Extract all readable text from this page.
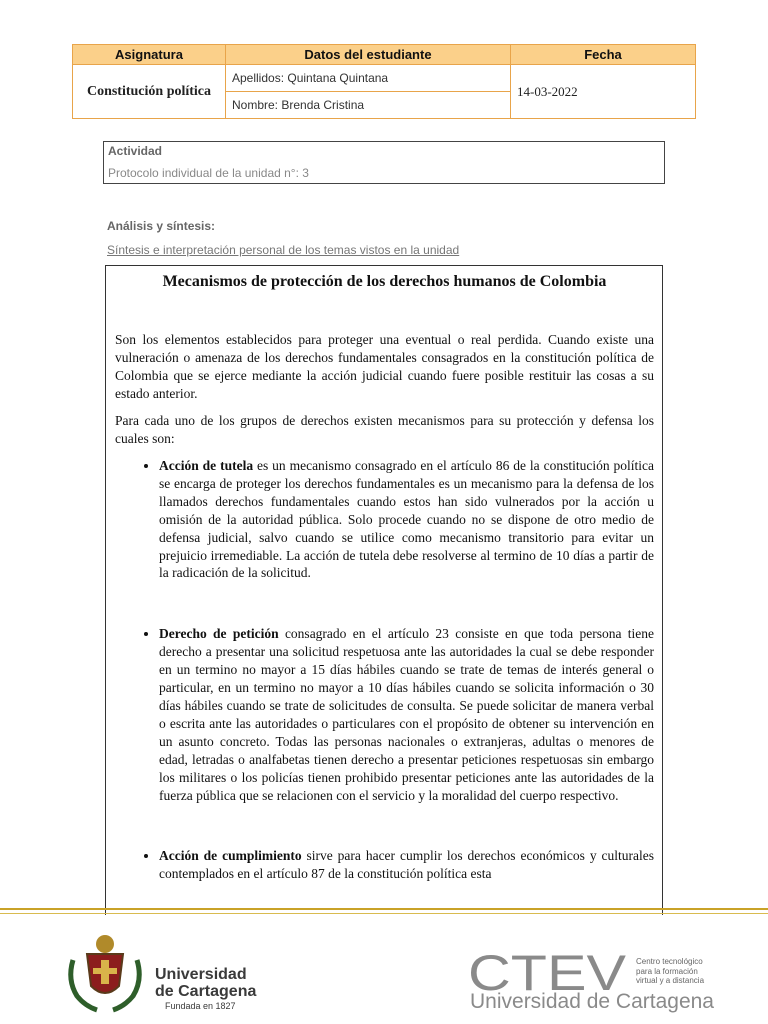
Asignatura	Datos del estudiante	Fecha
Constitución política	Apellidos: Quintana Quintana	14-03-2022
	Nombre: Brenda Cristina	
Actividad
Protocolo individual de la unidad n°: 3
Análisis y síntesis:
Síntesis e interpretación personal de los temas vistos en la unidad
Mecanismos de protección de los derechos humanos de Colombia

Son los elementos establecidos para proteger una eventual o real perdida. Cuando existe una vulneración o amenaza de los derechos fundamentales consagrados en la constitución política de Colombia que se ejerce mediante la acción judicial cuando fuere posible restituir las cosas a su estado anterior.

Para cada uno de los grupos de derechos existen mecanismos para su protección y defensa los cuales son:

• Acción de tutela es un mecanismo consagrado en el artículo 86 de la constitución política se encarga de proteger los derechos fundamentales es un mecanismo para la defensa de los llamados derechos fundamentales cuando estos han sido vulnerados por la acción u omisión de la autoridad pública. Solo procede cuando no se dispone de otro medio de defensa judicial, salvo cuando se utilice como mecanismo transitorio para evitar un prejuicio irremediable. La acción de tutela debe resolverse al termino de 10 días a partir de la radicación de la solicitud.
• Derecho de petición consagrado en el artículo 23 consiste en que toda persona tiene derecho a presentar una solicitud respetuosa ante las autoridades la cual se debe responder en un termino no mayor a 15 días hábiles cuando se trate de temas de interés general o particular, en un termino no mayor a 10 días hábiles cuando se solicita información o 30 días hábiles cuando se trate de solicitudes de consulta. Se puede solicitar de manera verbal o escrita ante las autoridades o particulares con el propósito de obtener su intervención en un asunto concreto. Todas las personas nacionales o extranjeras, adultas o menores de edad, letradas o analfabetas tienen derecho a presentar peticiones respetuosas sin embargo los militares o los policías tienen prohibido presentar peticiones ante las autoridades de la fuerza pública que se relacionen con el servicio y la moralidad del cuerpo respectivo.
• Acción de cumplimiento sirve para hacer cumplir los derechos económicos y culturales contemplados en el artículo 87 de la constitución política esta
Universidad
de Cartagena
Fundada en 1827
CTEV Centro tecnológico
para la formación
virtual y a distancia
Universidad de Cartagena
